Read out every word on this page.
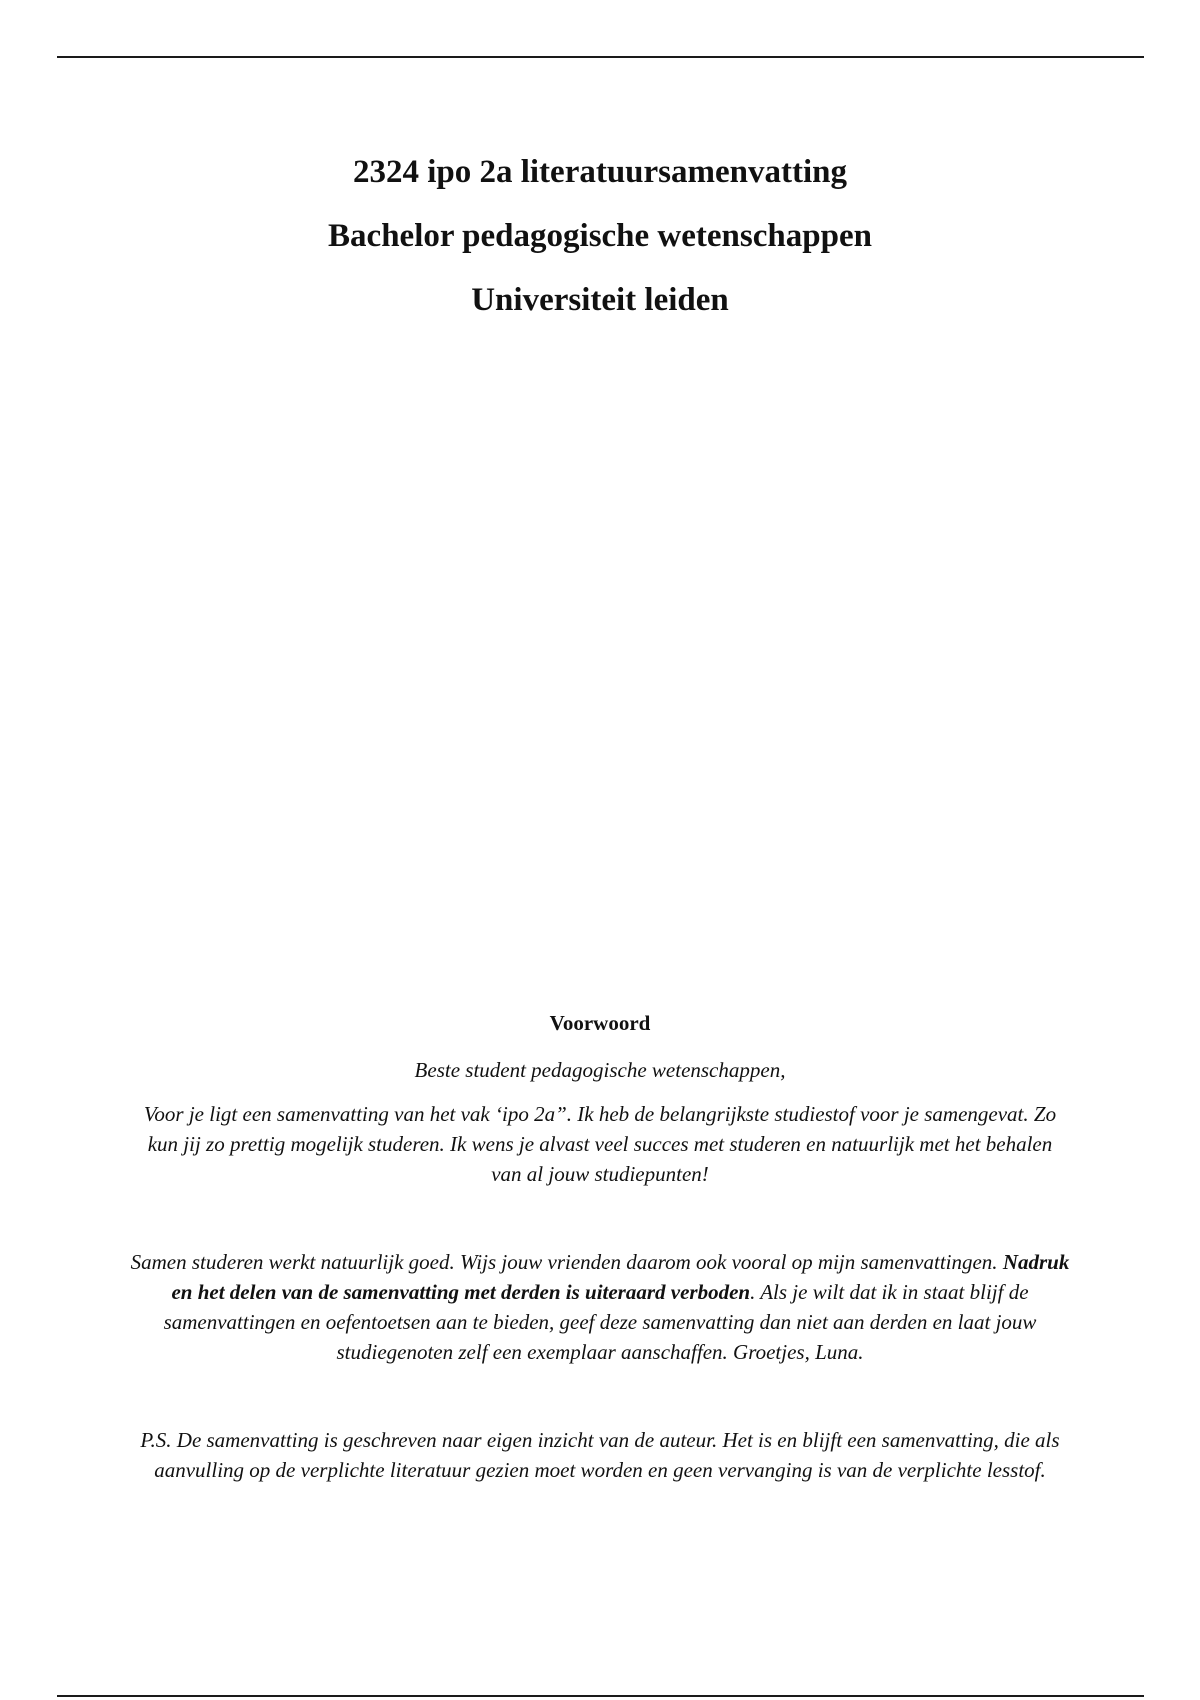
2324 ipo 2a literatuursamenvatting

Bachelor pedagogische wetenschappen

Universiteit leiden

Voorwoord

Beste student pedagogische wetenschappen,

Voor je ligt een samenvatting van het vak ‘ipo 2a”. Ik heb de belangrijkste studiestof voor je samengevat. Zo kun jij zo prettig mogelijk studeren. Ik wens je alvast veel succes met studeren en natuurlijk met het behalen van al jouw studiepunten!

Samen studeren werkt natuurlijk goed. Wijs jouw vrienden daarom ook vooral op mijn samenvattingen. Nadruk en het delen van de samenvatting met derden is uiteraard verboden. Als je wilt dat ik in staat blijf de samenvattingen en oefentoetsen aan te bieden, geef deze samenvatting dan niet aan derden en laat jouw studiegenoten zelf een exemplaar aanschaffen. Groetjes, Luna.

P.S. De samenvatting is geschreven naar eigen inzicht van de auteur. Het is en blijft een samenvatting, die als aanvulling op de verplichte literatuur gezien moet worden en geen vervanging is van de verplichte lesstof.
